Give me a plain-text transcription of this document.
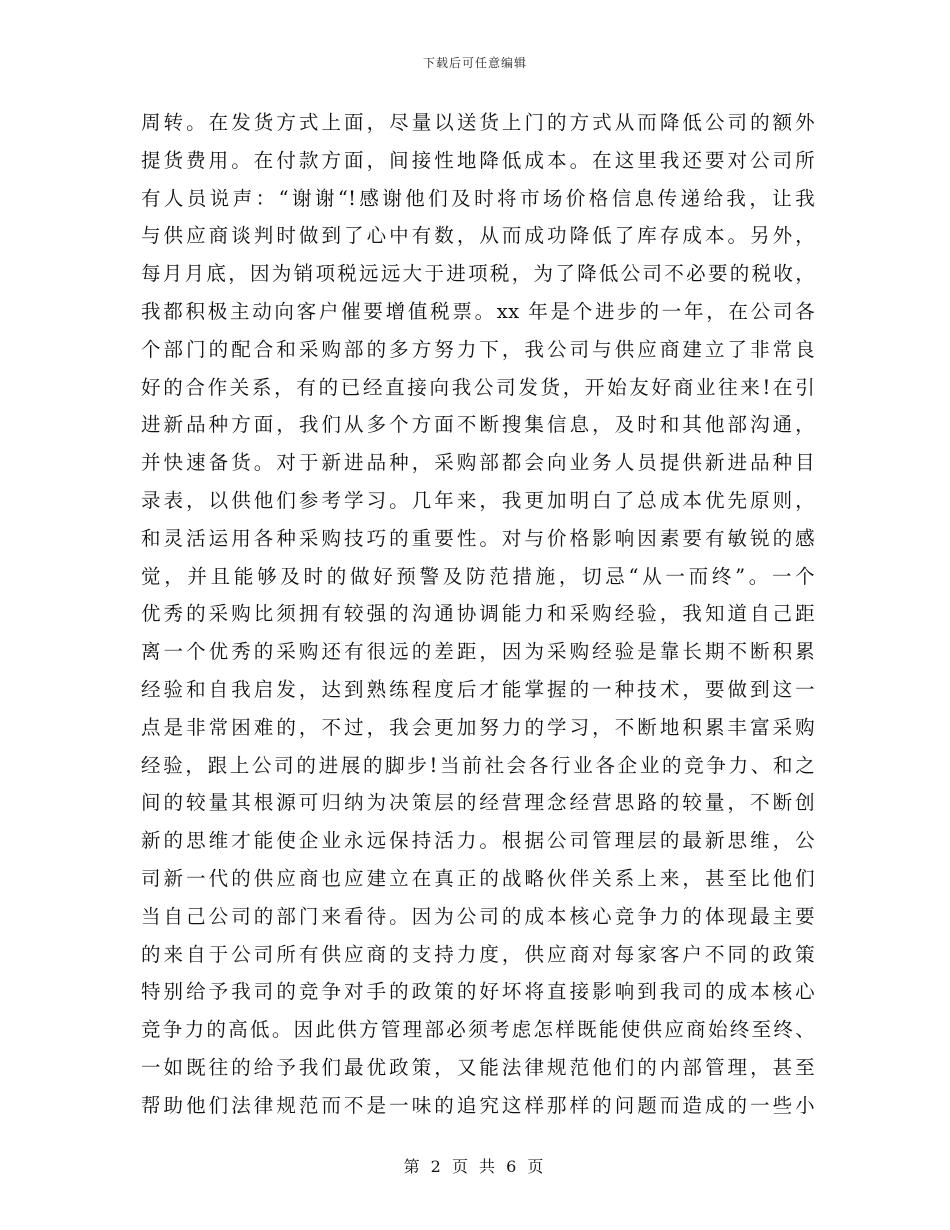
下载后可任意编辑
周转。在发货方式上面，尽量以送货上门的方式从而降低公司的额外
提货费用。在付款方面，间接性地降低成本。在这里我还要对公司所
有人员说声：“谢谢“!感谢他们及时将市场价格信息传递给我，让我
与供应商谈判时做到了心中有数，从而成功降低了库存成本。另外，
每月月底，因为销项税远远大于进项税，为了降低公司不必要的税收，
我都积极主动向客户催要增值税票。xx 年是个进步的一年，在公司各
个部门的配合和采购部的多方努力下，我公司与供应商建立了非常良
好的合作关系，有的已经直接向我公司发货，开始友好商业往来!在引
进新品种方面，我们从多个方面不断搜集信息，及时和其他部沟通，
并快速备货。对于新进品种，采购部都会向业务人员提供新进品种目
录表，以供他们参考学习。几年来，我更加明白了总成本优先原则，
和灵活运用各种采购技巧的重要性。对与价格影响因素要有敏锐的感
觉，并且能够及时的做好预警及防范措施，切忌“从一而终”。一个
优秀的采购比须拥有较强的沟通协调能力和采购经验，我知道自己距
离一个优秀的采购还有很远的差距，因为采购经验是靠长期不断积累
经验和自我启发，达到熟练程度后才能掌握的一种技术，要做到这一
点是非常困难的，不过，我会更加努力的学习，不断地积累丰富采购
经验，跟上公司的进展的脚步!当前社会各行业各企业的竞争力、和之
间的较量其根源可归纳为决策层的经营理念经营思路的较量，不断创
新的思维才能使企业永远保持活力。根据公司管理层的最新思维，公
司新一代的供应商也应建立在真正的战略伙伴关系上来，甚至比他们
当自己公司的部门来看待。因为公司的成本核心竞争力的体现最主要
的来自于公司所有供应商的支持力度，供应商对每家客户不同的政策
特别给予我司的竞争对手的政策的好坏将直接影响到我司的成本核心
竞争力的高低。因此供方管理部必须考虑怎样既能使供应商始终至终、
一如既往的给予我们最优政策，又能法律规范他们的内部管理，甚至
帮助他们法律规范而不是一味的追究这样那样的问题而造成的一些小
第 2 页 共 6 页
